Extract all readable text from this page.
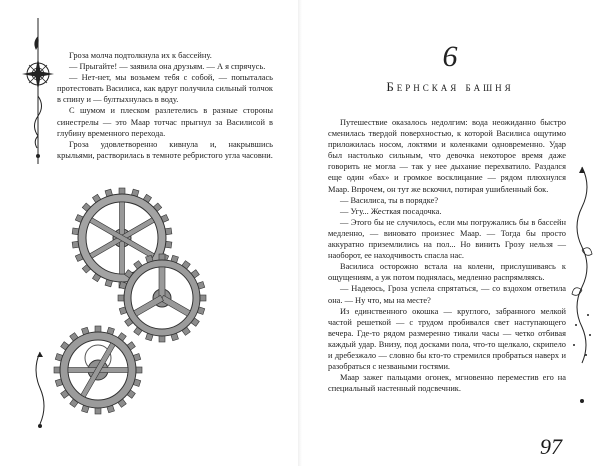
Гроза молча подтолкнула их к бассейну.

— Прыгайте! — заявила она друзьям. — А я спрячусь.

— Нет-нет, мы возьмем тебя с собой, — попыталась протестовать Василиса, как вдруг получила сильный толчок в спину и — бултыхнулась в воду.

С шумом и плеском разлетелись в разные стороны синестрелы — это Маар тотчас прыгнул за Василисой в глубину временного перехода.

Гроза удовлетворенно кивнула и, накрывшись крыльями, растворилась в темноте ребристого угла часовни.

6
Бернская башня

Путешествие оказалось недолгим: вода неожиданно быстро сменилась твердой поверхностью, к которой Василиса ощутимо приложилась носом, локтями и коленками одновременно. Удар был настолько сильным, что девочка некоторое время даже говорить не могла — так у нее дыхание перехватило. Раздался еще один «бах» и громкое восклицание — рядом плюхнулся Маар. Впрочем, он тут же вскочил, потирая ушибленный бок.

— Василиса, ты в порядке?

— Угу... Жесткая посадочка.

— Этого бы не случилось, если мы погружались бы в бассейн медленно, — виновато произнес Маар. — Тогда бы просто аккуратно приземлились на пол... Но винить Грозу нельзя — наоборот, ее находчивость спасла нас.

Василиса осторожно встала на колени, прислушиваясь к ощущениям, а уж потом поднялась, медленно распрямляясь.

— Надеюсь, Гроза успела спрятаться, — со вздохом ответила она. — Ну что, мы на месте?

Из единственного окошка — круглого, забранного мелкой частой решеткой — с трудом пробивался свет наступающего вечера. Где-то рядом размеренно тикали часы — четко отбивая каждый удар. Внизу, под досками пола, что-то щелкало, скрипело и дребезжало — словно бы кто-то стремился пробраться наверх и разобраться с незваными гостями.

Маар зажег пальцами огонек, мгновенно переместив его на специальный настенный подсвечник.

97
